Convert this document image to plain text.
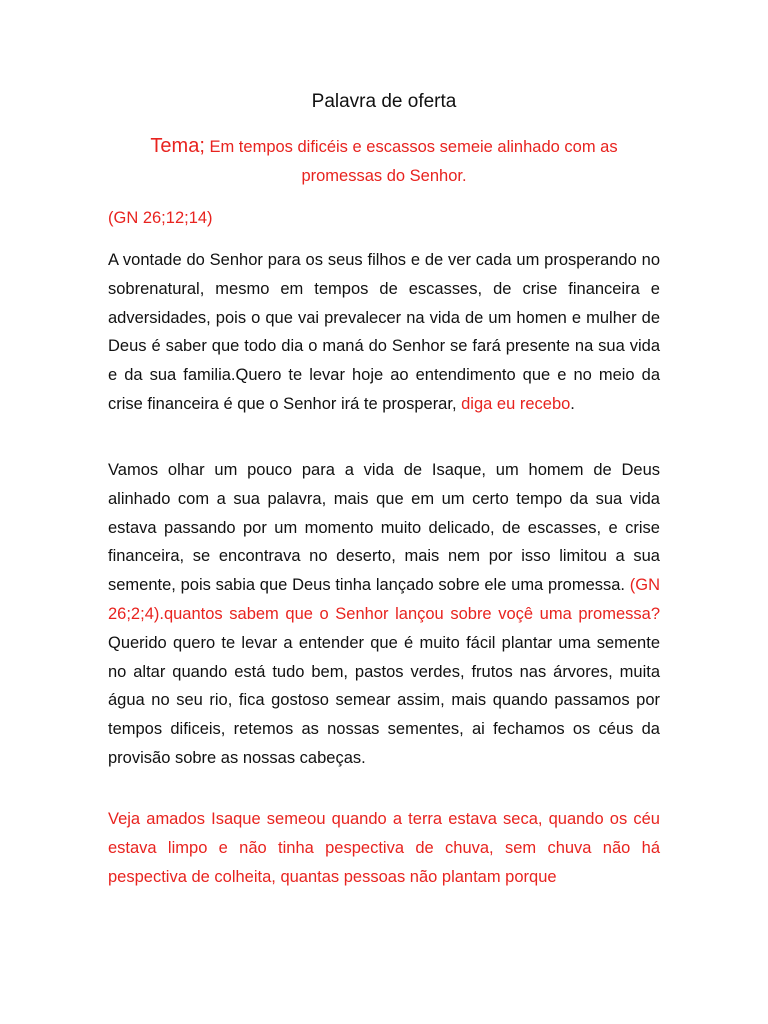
Palavra de oferta
Tema; Em tempos dificéis e escassos semeie alinhado com as promessas do Senhor.
(GN 26;12;14)

A vontade do Senhor para os seus filhos e de ver cada um prosperando no sobrenatural, mesmo em tempos de escasses, de crise financeira e adversidades, pois o que vai prevalecer na vida de um homen e mulher de Deus é saber que todo dia o maná do Senhor se fará presente na sua vida e da sua familia.Quero te levar hoje ao entendimento que e no meio da crise financeira é que o Senhor irá te prosperar, diga eu recebo.

Vamos olhar um pouco para a vida de Isaque, um homem de Deus alinhado com a sua palavra, mais que em um certo tempo da sua vida estava passando por um momento muito delicado, de escasses, e crise financeira, se encontrava no deserto, mais nem por isso limitou a sua semente, pois sabia que Deus tinha lançado sobre ele uma promessa. (GN 26;2;4).quantos sabem que o Senhor lançou sobre voçê uma promessa? Querido quero te levar a entender que é muito fácil plantar uma semente no altar quando está tudo bem, pastos verdes, frutos nas árvores, muita água no seu rio, fica gostoso semear assim, mais quando passamos por tempos dificeis, retemos as nossas sementes, ai fechamos os céus da provisão sobre as nossas cabeças.

Veja amados Isaque semeou quando a terra estava seca, quando os céu estava limpo e não tinha pespectiva de chuva, sem chuva não há pespectiva de colheita, quantas pessoas não plantam porque
